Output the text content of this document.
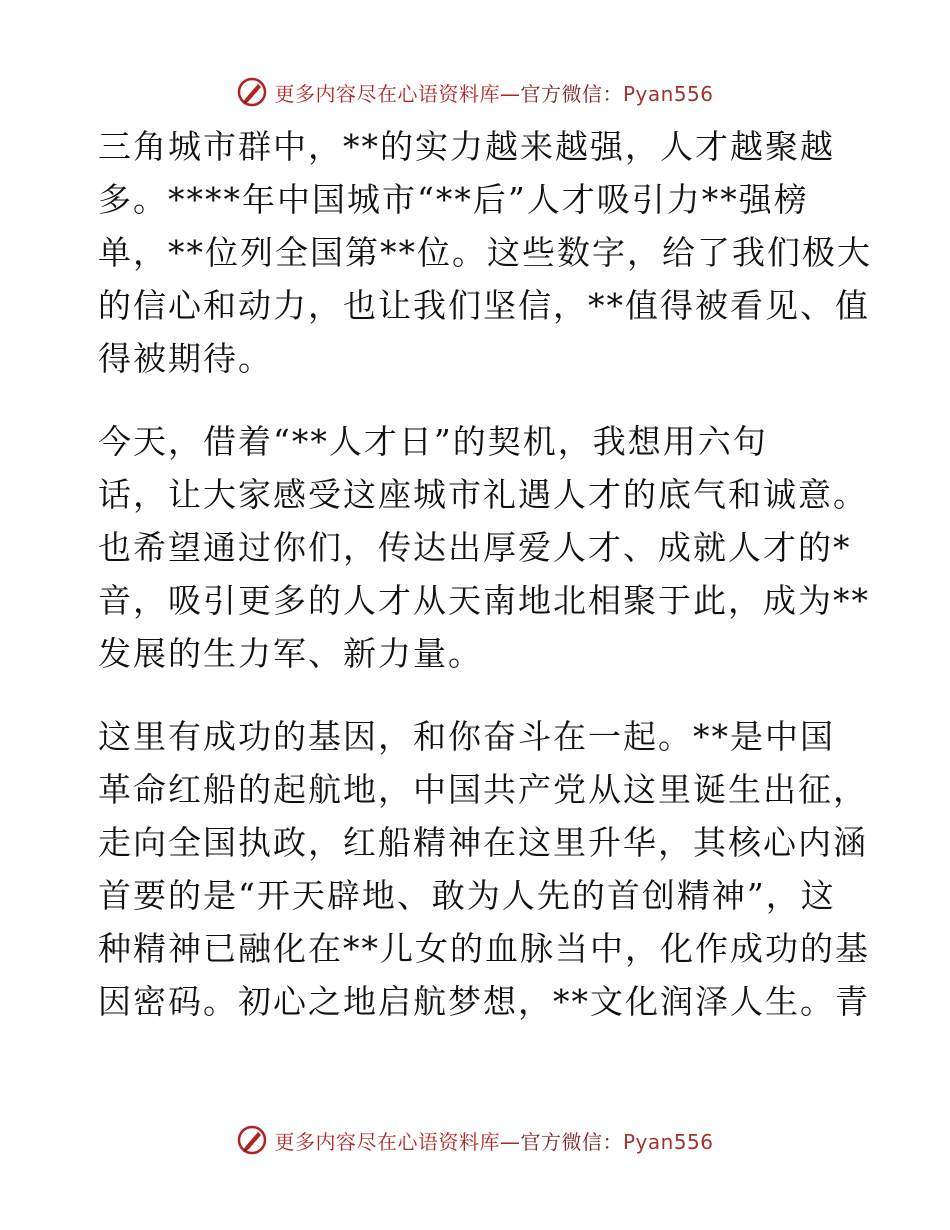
更多内容尽在心语资料库—官方微信：Pyan556
三角城市群中，**的实力越来越强，人才越聚越
多。****年中国城市“**后”人才吸引力**强榜
单，**位列全国第**位。这些数字，给了我们极大
的信心和动力，也让我们坚信，**值得被看见、值
得被期待。
今天，借着“**人才日”的契机，我想用六句
话，让大家感受这座城市礼遇人才的底气和诚意。
也希望通过你们，传达出厚爱人才、成就人才的*
音，吸引更多的人才从天南地北相聚于此，成为**
发展的生力军、新力量。
这里有成功的基因，和你奋斗在一起。**是中国
革命红船的起航地，中国共产党从这里诞生出征，
走向全国执政，红船精神在这里升华，其核心内涵
首要的是“开天辟地、敢为人先的首创精神”，这
种精神已融化在**儿女的血脉当中，化作成功的基
因密码。初心之地启航梦想，**文化润泽人生。青
更多内容尽在心语资料库—官方微信：Pyan556
